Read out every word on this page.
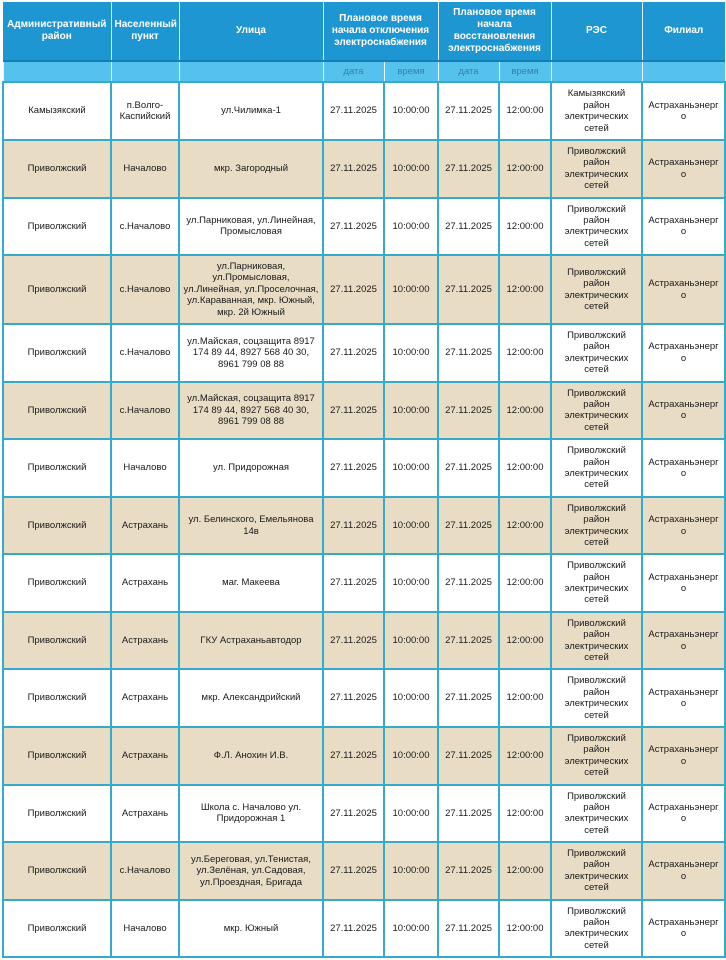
Административный район	Населенный пункт	Улица	Плановое время начала отключения электроснабжения		Плановое время начала восстановления электроснабжения		РЭС	Филиал
			дата	время	дата	время		
Камызякский	п.Волго-Каспийский	ул.Чилимка-1	27.11.2025	10:00:00	27.11.2025	12:00:00	Камызякский район электрических сетей	Астраханьэнерго
Приволжский	Началово	мкр. Загородный	27.11.2025	10:00:00	27.11.2025	12:00:00	Приволжский район электрических сетей	Астраханьэнерго
Приволжский	с.Началово	ул.Парниковая, ул.Линейная, Промысловая	27.11.2025	10:00:00	27.11.2025	12:00:00	Приволжский район электрических сетей	Астраханьэнерго
Приволжский	с.Началово	ул.Парниковая, ул.Промысловая, ул.Линейная, ул.Проселочная, ул.Караванная, мкр. Южный, мкр. 2й Южный	27.11.2025	10:00:00	27.11.2025	12:00:00	Приволжский район электрических сетей	Астраханьэнерго
Приволжский	с.Началово	ул.Майская, соцзащита 8917 174 89 44, 8927 568 40 30, 8961 799 08 88	27.11.2025	10:00:00	27.11.2025	12:00:00	Приволжский район электрических сетей	Астраханьэнерго
Приволжский	с.Началово	ул.Майская, соцзащита 8917 174 89 44, 8927 568 40 30, 8961 799 08 88	27.11.2025	10:00:00	27.11.2025	12:00:00	Приволжский район электрических сетей	Астраханьэнерго
Приволжский	Началово	ул. Придорожная	27.11.2025	10:00:00	27.11.2025	12:00:00	Приволжский район электрических сетей	Астраханьэнерго
Приволжский	Астрахань	ул. Белинского, Емельянова 14в	27.11.2025	10:00:00	27.11.2025	12:00:00	Приволжский район электрических сетей	Астраханьэнерго
Приволжский	Астрахань	маг. Макеева	27.11.2025	10:00:00	27.11.2025	12:00:00	Приволжский район электрических сетей	Астраханьэнерго
Приволжский	Астрахань	ГКУ Астраханьавтодор	27.11.2025	10:00:00	27.11.2025	12:00:00	Приволжский район электрических сетей	Астраханьэнерго
Приволжский	Астрахань	мкр. Александрийский	27.11.2025	10:00:00	27.11.2025	12:00:00	Приволжский район электрических сетей	Астраханьэнерго
Приволжский	Астрахань	Ф.Л. Анохин И.В.	27.11.2025	10:00:00	27.11.2025	12:00:00	Приволжский район электрических сетей	Астраханьэнерго
Приволжский	Астрахань	Школа с. Началово ул. Придорожная 1	27.11.2025	10:00:00	27.11.2025	12:00:00	Приволжский район электрических сетей	Астраханьэнерго
Приволжский	с.Началово	ул.Береговая, ул.Тенистая, ул.Зелёная, ул.Садовая, ул.Проездная, Бригада	27.11.2025	10:00:00	27.11.2025	12:00:00	Приволжский район электрических сетей	Астраханьэнерго
Приволжский	Началово	мкр. Южный	27.11.2025	10:00:00	27.11.2025	12:00:00	Приволжский район электрических сетей	Астраханьэнерго
